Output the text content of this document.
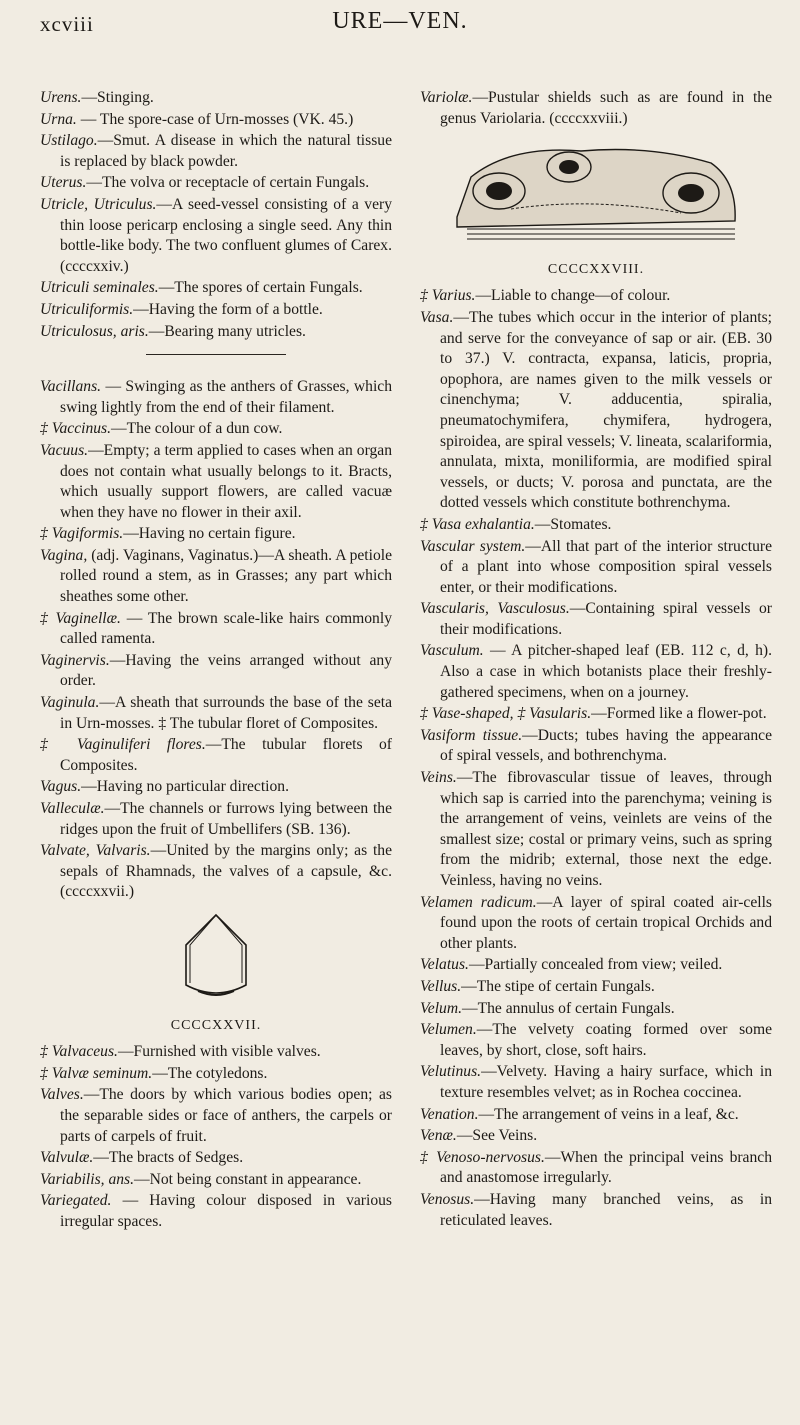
xcviii	URE—VEN.

Urens.—Stinging.

Urna. — The spore-case of Urn-mosses (VK. 45.)

Ustilago.—Smut. A disease in which the natural tissue is replaced by black powder.

Uterus.—The volva or receptacle of certain Fungals.

Utricle, Utriculus.—A seed-vessel consisting of a very thin loose pericarp enclosing a single seed. Any thin bottle-like body. The two confluent glumes of Carex. (ccccxxiv.)

Utriculi seminales.—The spores of certain Fungals.

Utriculiformis.—Having the form of a bottle.

Utriculosus, aris.—Bearing many utricles.

Vacillans. — Swinging as the anthers of Grasses, which swing lightly from the end of their filament.

‡ Vaccinus.—The colour of a dun cow.

Vacuus.—Empty; a term applied to cases when an organ does not contain what usually belongs to it. Bracts, which usually support flowers, are called vacuæ when they have no flower in their axil.

‡ Vagiformis.—Having no certain figure.

Vagina, (adj. Vaginans, Vaginatus.)—A sheath. A petiole rolled round a stem, as in Grasses; any part which sheathes some other.

‡ Vaginellæ. — The brown scale-like hairs commonly called ramenta.

Vaginervis.—Having the veins arranged without any order.

Vaginula.—A sheath that surrounds the base of the seta in Urn-mosses. ‡ The tubular floret of Composites.

‡ Vaginuliferi flores.—The tubular florets of Composites.

Vagus.—Having no particular direction.

Valleculæ.—The channels or furrows lying between the ridges upon the fruit of Umbellifers (SB. 136).

Valvate, Valvaris.—United by the margins only; as the sepals of Rhamnads, the valves of a capsule, &c. (ccccxxvii.)

CCCCXXVII.

‡ Valvaceus.—Furnished with visible valves.

‡ Valvæ seminum.—The cotyledons.

Valves.—The doors by which various bodies open; as the separable sides or face of anthers, the carpels or parts of carpels of fruit.

Valvulæ.—The bracts of Sedges.

Variabilis, ans.—Not being constant in appearance.

Variegated. — Having colour disposed in various irregular spaces.

Variolæ.—Pustular shields such as are found in the genus Variolaria. (ccccxxviii.)

CCCCXXVIII.

‡ Varius.—Liable to change—of colour.

Vasa.—The tubes which occur in the interior of plants; and serve for the conveyance of sap or air. (EB. 30 to 37.) V. contracta, expansa, laticis, propria, opophora, are names given to the milk vessels or cinenchyma; V. adducentia, spiralia, pneumatochymifera, chymifera, hydrogera, spiroidea, are spiral vessels; V. lineata, scalariformia, annulata, mixta, moniliformia, are modified spiral vessels, or ducts; V. porosa and punctata, are the dotted vessels which constitute bothrenchyma.

‡ Vasa exhalantia.—Stomates.

Vascular system.—All that part of the interior structure of a plant into whose composition spiral vessels enter, or their modifications.

Vascularis, Vasculosus.—Containing spiral vessels or their modifications.

Vasculum. — A pitcher-shaped leaf (EB. 112 c, d, h). Also a case in which botanists place their freshly-gathered specimens, when on a journey.

‡ Vase-shaped, ‡ Vasularis.—Formed like a flower-pot.

Vasiform tissue.—Ducts; tubes having the appearance of spiral vessels, and bothrenchyma.

Veins.—The fibrovascular tissue of leaves, through which sap is carried into the parenchyma; veining is the arrangement of veins, veinlets are veins of the smallest size; costal or primary veins, such as spring from the midrib; external, those next the edge. Veinless, having no veins.

Velamen radicum.—A layer of spiral coated air-cells found upon the roots of certain tropical Orchids and other plants.

Velatus.—Partially concealed from view; veiled.

Vellus.—The stipe of certain Fungals.

Velum.—The annulus of certain Fungals.

Velumen.—The velvety coating formed over some leaves, by short, close, soft hairs.

Velutinus.—Velvety. Having a hairy surface, which in texture resembles velvet; as in Rochea coccinea.

Venation.—The arrangement of veins in a leaf, &c.

Venæ.—See Veins.

‡ Venoso-nervosus.—When the principal veins branch and anastomose irregularly.

Venosus.—Having many branched veins, as in reticulated leaves.
